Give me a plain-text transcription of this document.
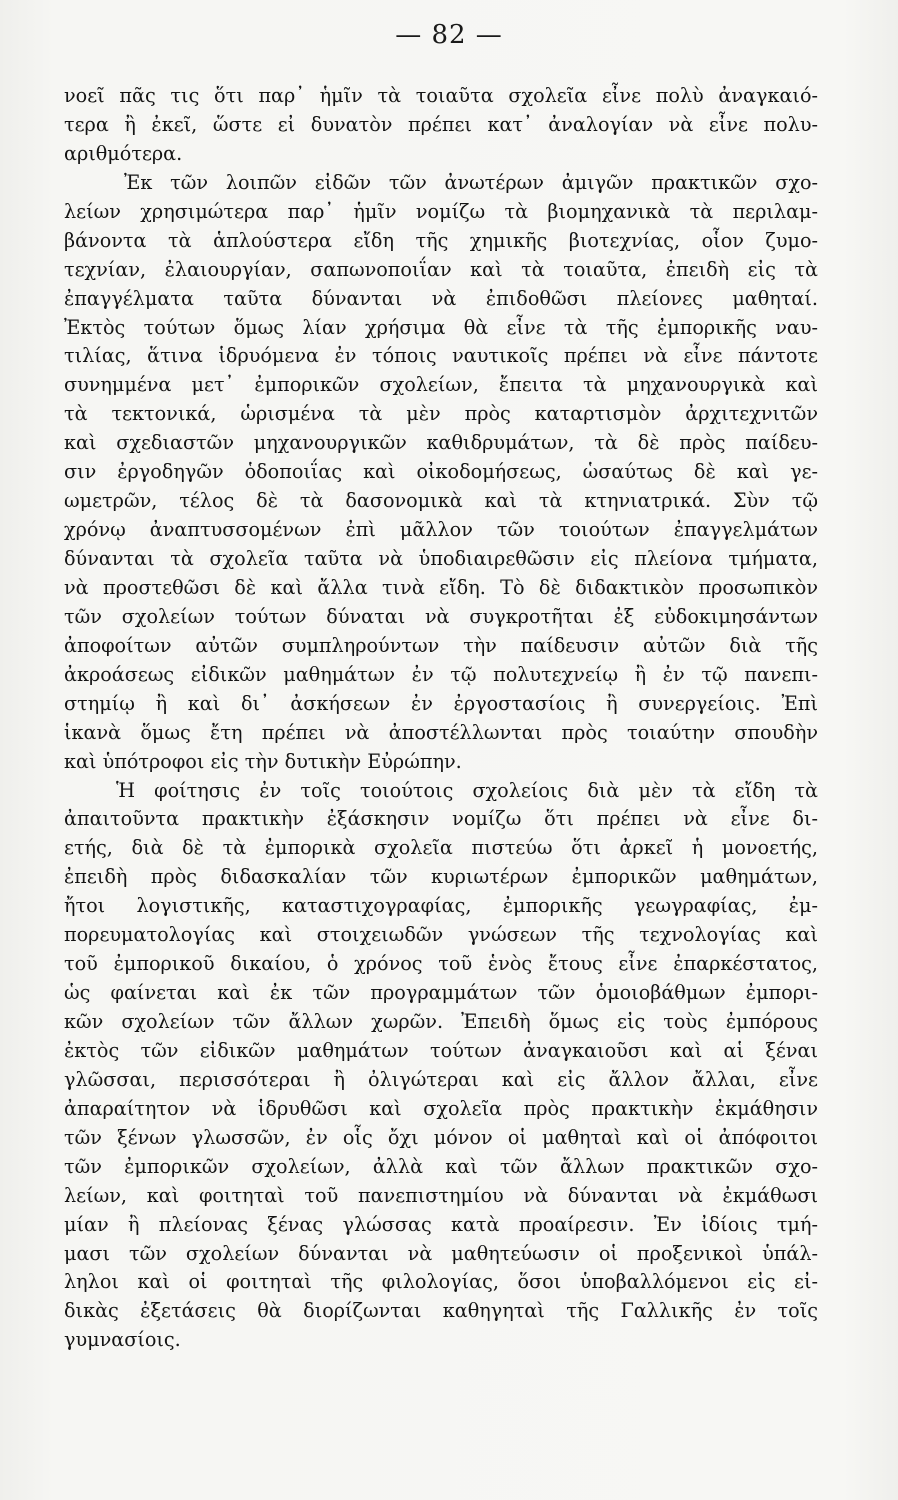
— 82 —
νοεῖ πᾶς τις ὅτι παρ᾽ ἡμῖν τὰ τοιαῦτα σχολεῖα εἶνε πολὺ ἀναγκαιό-
τερα ἢ ἐκεῖ, ὥστε εἰ δυνατὸν πρέπει κατ᾽ ἀναλογίαν νὰ εἶνε πολυ-
αριθμότερα.
Ἐκ τῶν λοιπῶν εἰδῶν τῶν ἀνωτέρων ἀμιγῶν πρακτικῶν σχο-
λείων χρησιμώτερα παρ᾽ ἡμῖν νομίζω τὰ βιομηχανικὰ τὰ περιλαμ-
βάνοντα τὰ ἁπλούστερα εἴδη τῆς χημικῆς βιοτεχνίας, οἷον ζυμο-
τεχνίαν, ἐλαιουργίαν, σαπωνοποιΐαν καὶ τὰ τοιαῦτα, ἐπειδὴ εἰς τὰ
ἐπαγγέλματα ταῦτα δύνανται νὰ ἐπιδοθῶσι πλείονες μαθηταί.
Ἐκτὸς τούτων ὅμως λίαν χρήσιμα θὰ εἶνε τὰ τῆς ἐμπορικῆς ναυ-
τιλίας, ἅτινα ἱδρυόμενα ἐν τόποις ναυτικοῖς πρέπει νὰ εἶνε πάντοτε
συνημμένα μετ᾽ ἐμπορικῶν σχολείων, ἔπειτα τὰ μηχανουργικὰ καὶ
τὰ τεκτονικά, ὡρισμένα τὰ μὲν πρὸς καταρτισμὸν ἀρχιτεχνιτῶν
καὶ σχεδιαστῶν μηχανουργικῶν καθιδρυμάτων, τὰ δὲ πρὸς παίδευ-
σιν ἐργοδηγῶν ὁδοποιΐας καὶ οἰκοδομήσεως, ὡσαύτως δὲ καὶ γε-
ωμετρῶν, τέλος δὲ τὰ δασονομικὰ καὶ τὰ κτηνιατρικά. Σὺν τῷ
χρόνῳ ἀναπτυσσομένων ἐπὶ μᾶλλον τῶν τοιούτων ἐπαγγελμάτων
δύνανται τὰ σχολεῖα ταῦτα νὰ ὑποδιαιρεθῶσιν εἰς πλείονα τμήματα,
νὰ προστεθῶσι δὲ καὶ ἄλλα τινὰ εἴδη. Τὸ δὲ διδακτικὸν προσωπικὸν
τῶν σχολείων τούτων δύναται νὰ συγκροτῆται ἐξ εὐδοκιμησάντων
ἀποφοίτων αὐτῶν συμπληρούντων τὴν παίδευσιν αὐτῶν διὰ τῆς
ἀκροάσεως εἰδικῶν μαθημάτων ἐν τῷ πολυτεχνείῳ ἢ ἐν τῷ πανεπι-
στημίῳ ἢ καὶ δι᾽ ἀσκήσεων ἐν ἐργοστασίοις ἢ συνεργείοις. Ἐπὶ
ἱκανὰ ὅμως ἔτη πρέπει νὰ ἀποστέλλωνται πρὸς τοιαύτην σπουδὴν
καὶ ὑπότροφοι εἰς τὴν δυτικὴν Εὐρώπην.
Ἡ φοίτησις ἐν τοῖς τοιούτοις σχολείοις διὰ μὲν τὰ εἴδη τὰ
ἀπαιτοῦντα πρακτικὴν ἐξάσκησιν νομίζω ὅτι πρέπει νὰ εἶνε δι-
ετής, διὰ δὲ τὰ ἐμπορικὰ σχολεῖα πιστεύω ὅτι ἀρκεῖ ἡ μονοετής,
ἐπειδὴ πρὸς διδασκαλίαν τῶν κυριωτέρων ἐμπορικῶν μαθημάτων,
ἤτοι λογιστικῆς, καταστιχογραφίας, ἐμπορικῆς γεωγραφίας, ἐμ-
πορευματολογίας καὶ στοιχειωδῶν γνώσεων τῆς τεχνολογίας καὶ
τοῦ ἐμπορικοῦ δικαίου, ὁ χρόνος τοῦ ἑνὸς ἔτους εἶνε ἐπαρκέστατος,
ὡς φαίνεται καὶ ἐκ τῶν προγραμμάτων τῶν ὁμοιοβάθμων ἐμπορι-
κῶν σχολείων τῶν ἄλλων χωρῶν. Ἐπειδὴ ὅμως εἰς τοὺς ἐμπόρους
ἐκτὸς τῶν εἰδικῶν μαθημάτων τούτων ἀναγκαιοῦσι καὶ αἱ ξέναι
γλῶσσαι, περισσότεραι ἢ ὀλιγώτεραι καὶ εἰς ἄλλον ἄλλαι, εἶνε
ἀπαραίτητον νὰ ἱδρυθῶσι καὶ σχολεῖα πρὸς πρακτικὴν ἐκμάθησιν
τῶν ξένων γλωσσῶν, ἐν οἷς ὄχι μόνον οἱ μαθηταὶ καὶ οἱ ἀπόφοιτοι
τῶν ἐμπορικῶν σχολείων, ἀλλὰ καὶ τῶν ἄλλων πρακτικῶν σχο-
λείων, καὶ φοιτηταὶ τοῦ πανεπιστημίου νὰ δύνανται νὰ ἐκμάθωσι
μίαν ἢ πλείονας ξένας γλώσσας κατὰ προαίρεσιν. Ἐν ἰδίοις τμή-
μασι τῶν σχολείων δύνανται νὰ μαθητεύωσιν οἱ προξενικοὶ ὑπάλ-
ληλοι καὶ οἱ φοιτηταὶ τῆς φιλολογίας, ὅσοι ὑποβαλλόμενοι εἰς εἰ-
δικὰς ἐξετάσεις θὰ διορίζωνται καθηγηταὶ τῆς Γαλλικῆς ἐν τοῖς
γυμνασίοις.
